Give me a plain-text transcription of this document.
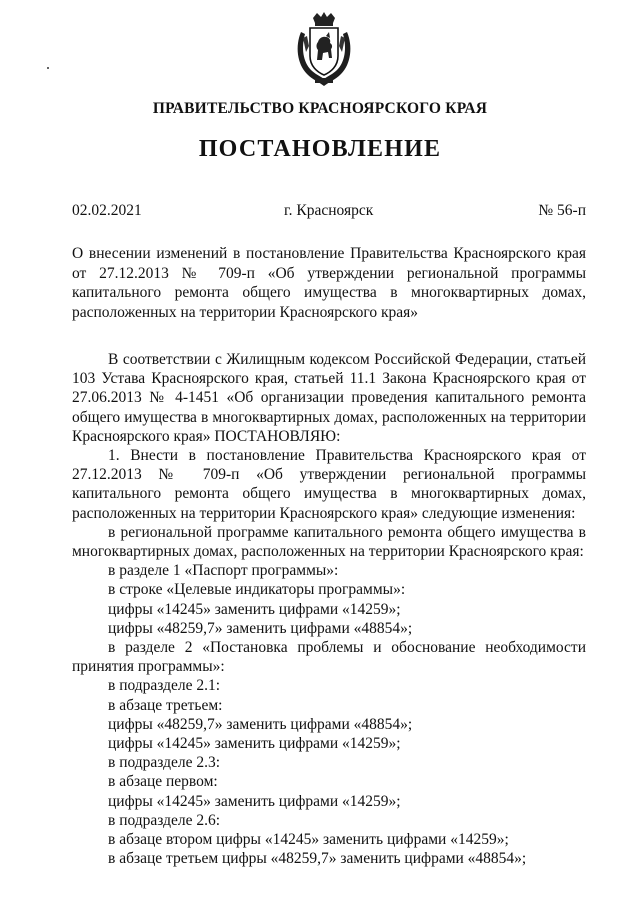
ПРАВИТЕЛЬСТВО КРАСНОЯРСКОГО КРАЯ
ПОСТАНОВЛЕНИЕ
02.02.2021	г. Красноярск	№ 56-п
О внесении изменений в постановление Правительства Красноярского края от 27.12.2013 № 709-п «Об утверждении региональной программы капитального ремонта общего имущества в многоквартирных домах, расположенных на территории Красноярского края»

В соответствии с Жилищным кодексом Российской Федерации, статьей 103 Устава Красноярского края, статьей 11.1 Закона Красноярского края от 27.06.2013 № 4-1451 «Об организации проведения капитального ремонта общего имущества в многоквартирных домах, расположенных на территории Красноярского края» ПОСТАНОВЛЯЮ:

1. Внести в постановление Правительства Красноярского края от 27.12.2013 № 709-п «Об утверждении региональной программы капитального ремонта общего имущества в многоквартирных домах, расположенных на территории Красноярского края» следующие изменения:

в региональной программе капитального ремонта общего имущества в многоквартирных домах, расположенных на территории Красноярского края:

в разделе 1 «Паспорт программы»:

в строке «Целевые индикаторы программы»:

цифры «14245» заменить цифрами «14259»;

цифры «48259,7» заменить цифрами «48854»;

в разделе 2 «Постановка проблемы и обоснование необходимости принятия программы»:

в подразделе 2.1:

в абзаце третьем:

цифры «48259,7» заменить цифрами «48854»;

цифры «14245» заменить цифрами «14259»;

в подразделе 2.3:

в абзаце первом:

цифры «14245» заменить цифрами «14259»;

в подразделе 2.6:

в абзаце втором цифры «14245» заменить цифрами «14259»;

в абзаце третьем цифры «48259,7» заменить цифрами «48854»;
